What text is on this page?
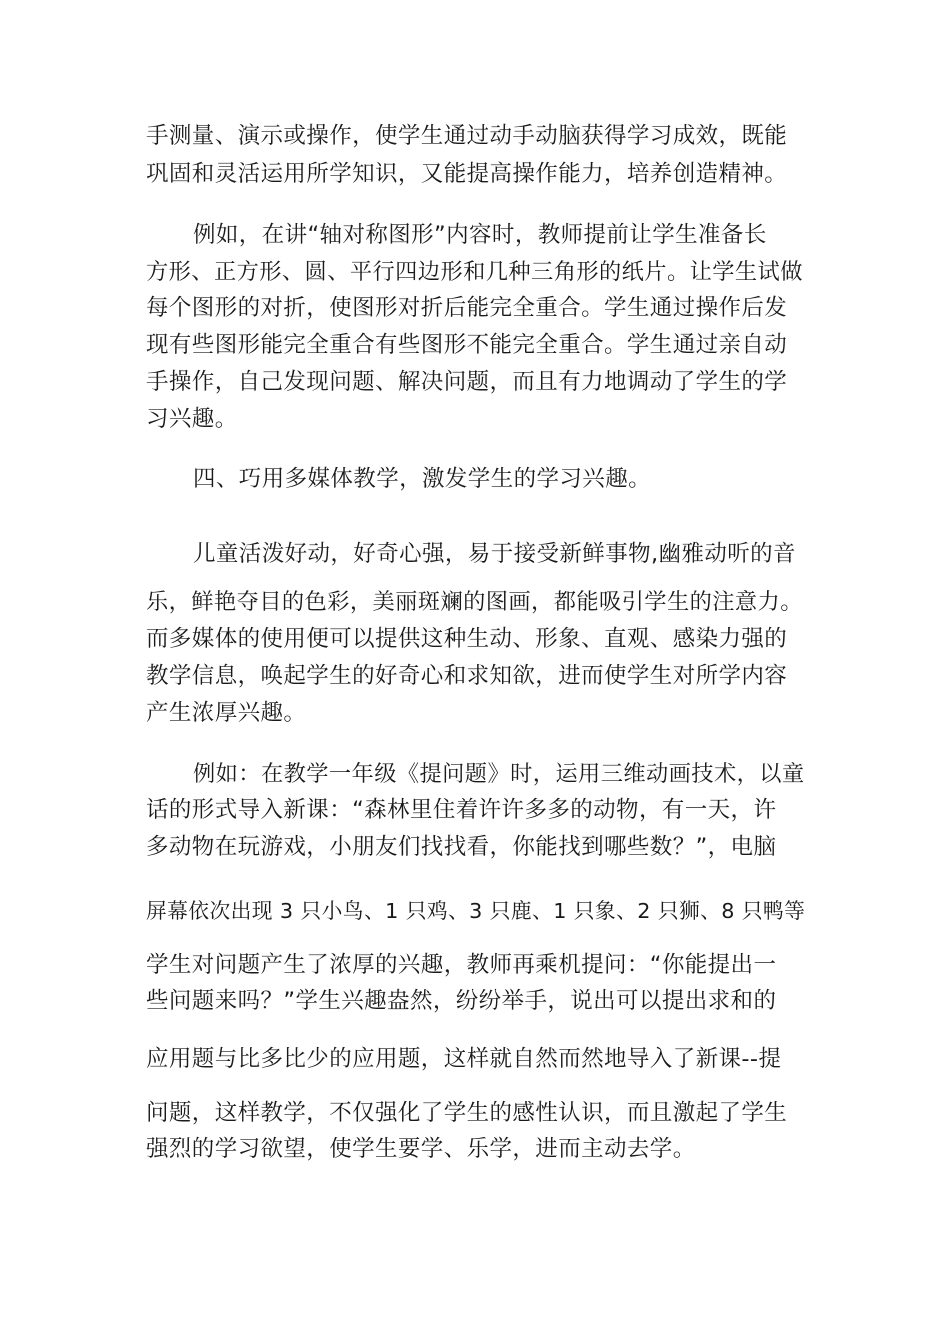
手测量、演示或操作，使学生通过动手动脑获得学习成效，既能
巩固和灵活运用所学知识，又能提高操作能力，培养创造精神。
例如，在讲“轴对称图形”内容时，教师提前让学生准备长
方形、正方形、圆、平行四边形和几种三角形的纸片。让学生试做
每个图形的对折，使图形对折后能完全重合。学生通过操作后发
现有些图形能完全重合有些图形不能完全重合。学生通过亲自动
手操作，自己发现问题、解决问题，而且有力地调动了学生的学
习兴趣。
四、巧用多媒体教学，激发学生的学习兴趣。
儿童活泼好动，好奇心强，易于接受新鲜事物,幽雅动听的音
乐，鲜艳夺目的色彩，美丽斑斓的图画，都能吸引学生的注意力。
而多媒体的使用便可以提供这种生动、形象、直观、感染力强的
教学信息，唤起学生的好奇心和求知欲，进而使学生对所学内容
产生浓厚兴趣。
例如：在教学一年级《提问题》时，运用三维动画技术，以童
话的形式导入新课：“森林里住着许许多多的动物，有一天，许
多动物在玩游戏，小朋友们找找看，你能找到哪些数？”，电脑
屏幕依次出现 3 只小鸟、1 只鸡、3 只鹿、1 只象、2 只狮、8 只鸭等
学生对问题产生了浓厚的兴趣，教师再乘机提问：“你能提出一
些问题来吗？”学生兴趣盎然，纷纷举手，说出可以提出求和的
应用题与比多比少的应用题，这样就自然而然地导入了新课--提
问题，这样教学，不仅强化了学生的感性认识，而且激起了学生
强烈的学习欲望，使学生要学、乐学，进而主动去学。
